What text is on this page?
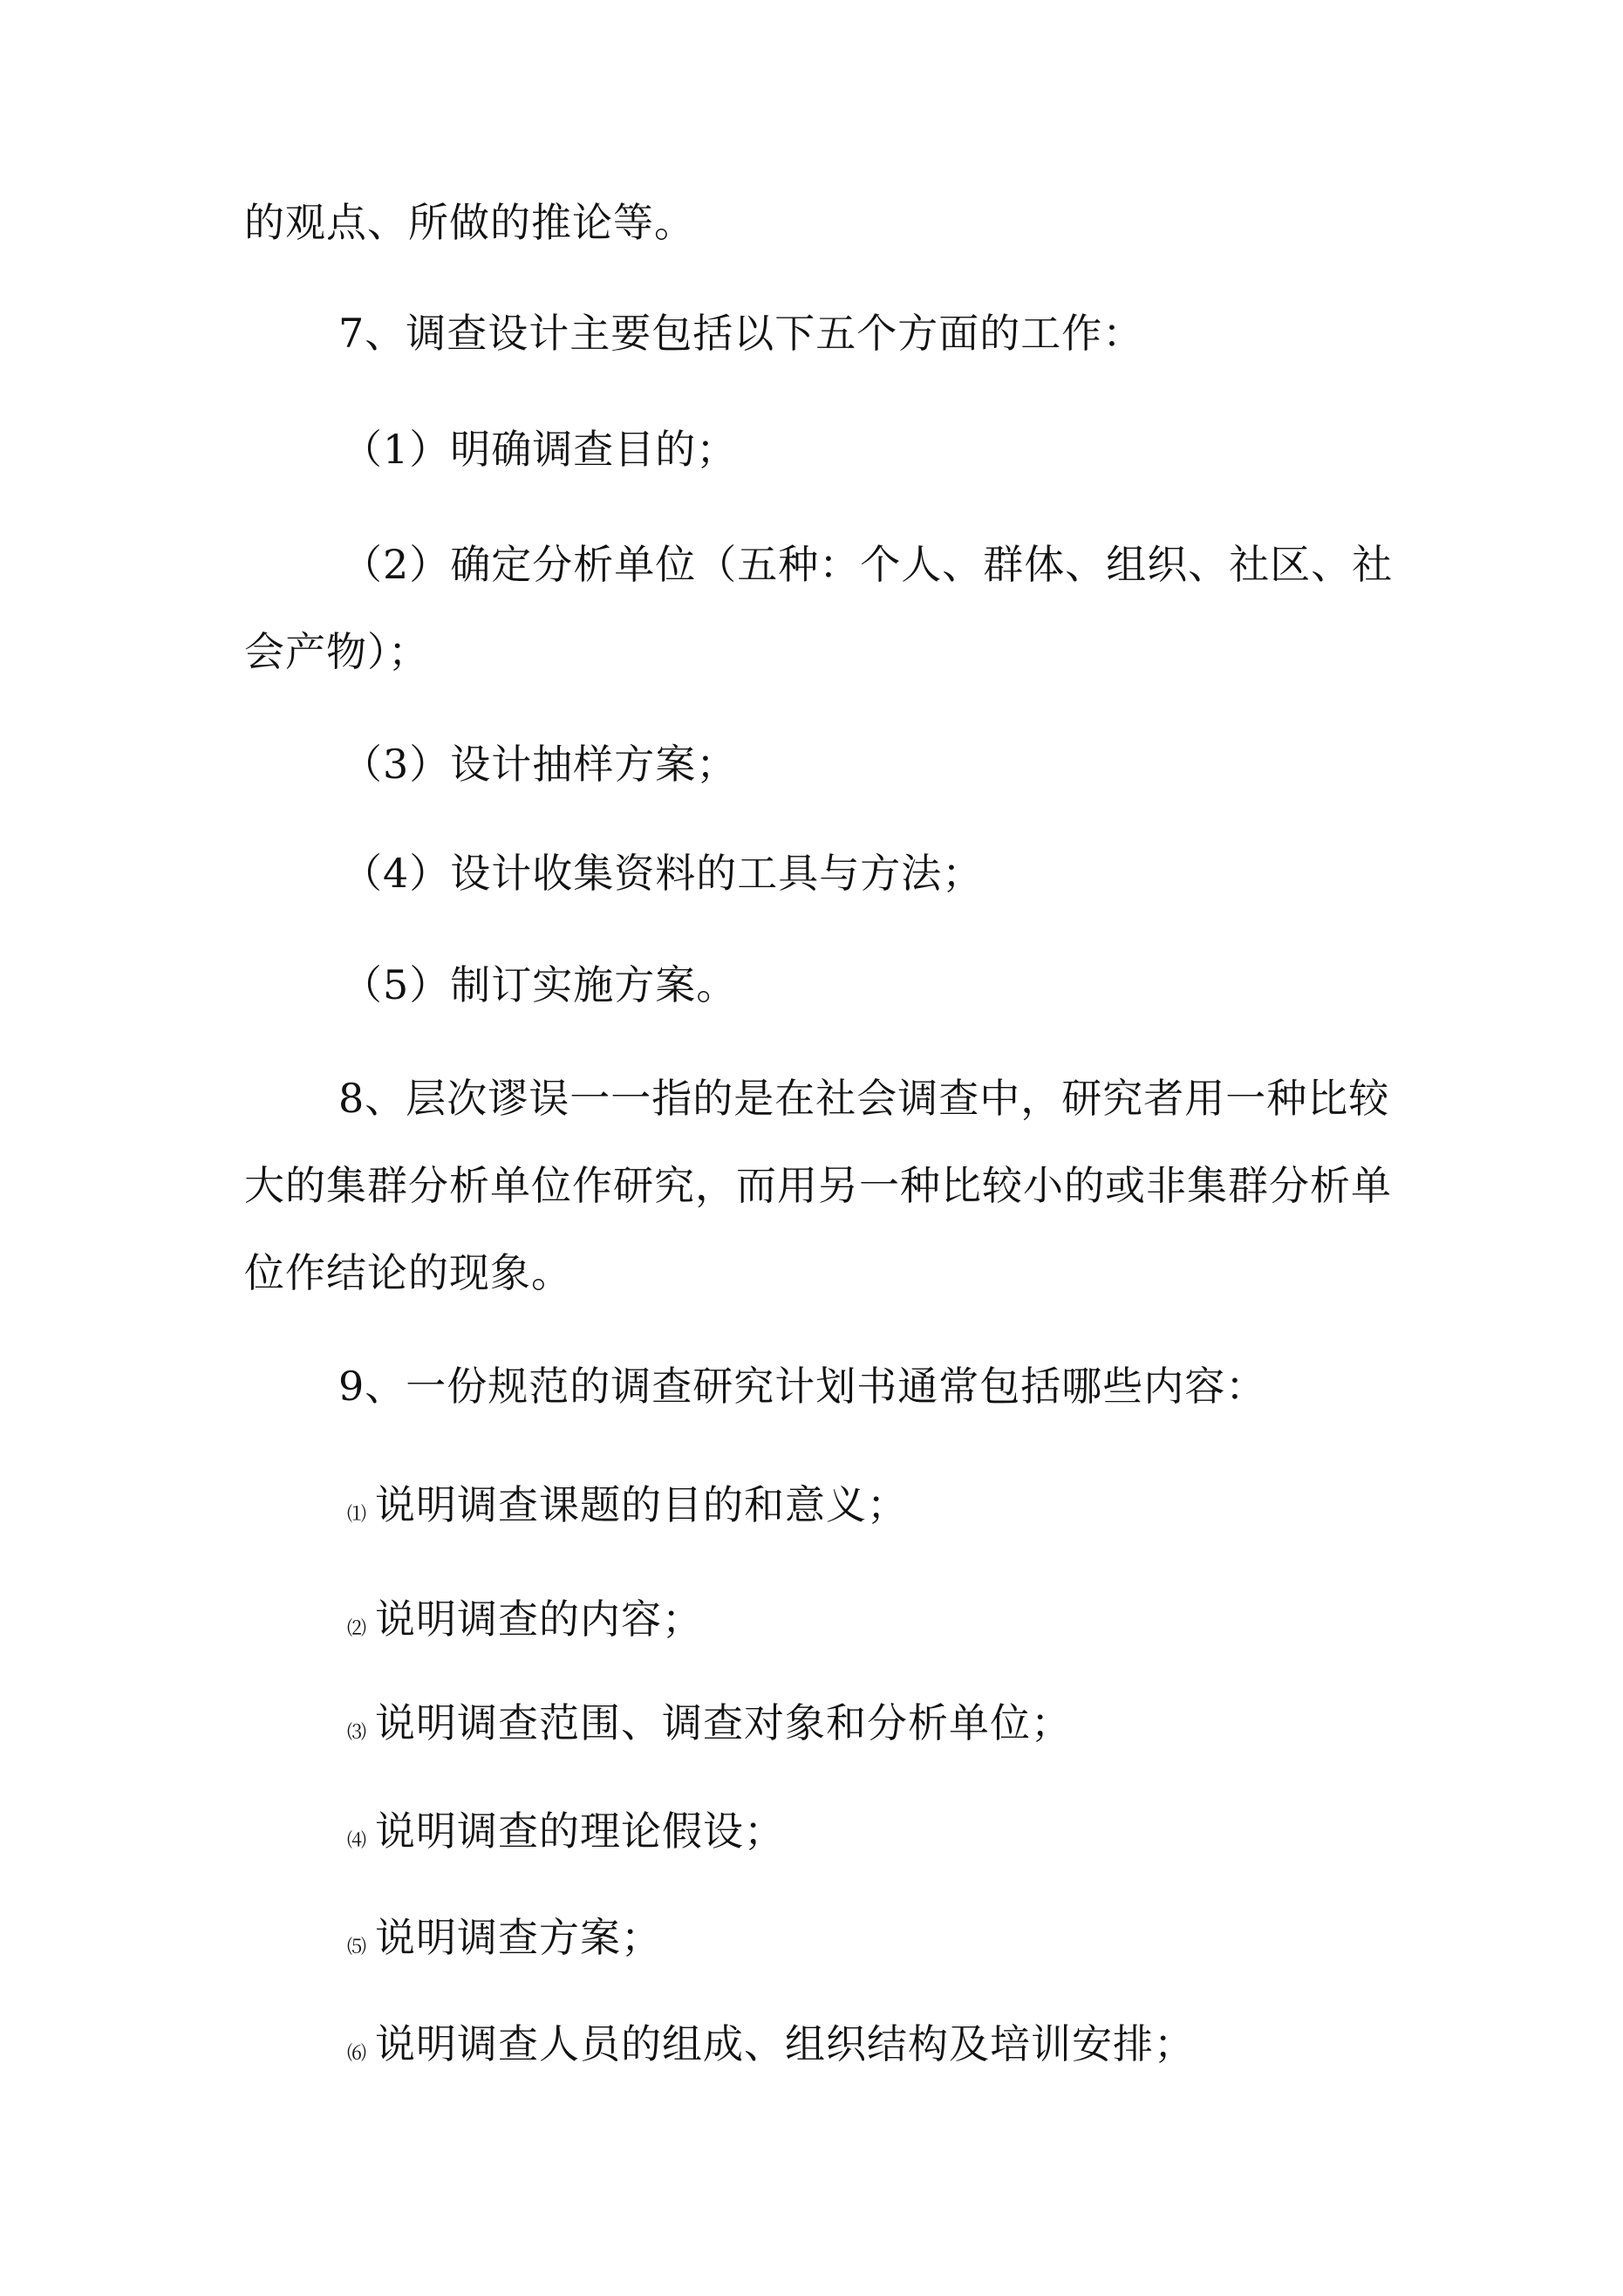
的观点、所做的推论等。
7、调查设计主要包括以下五个方面的工作：
（1）明确调查目的；
（2）确定分析单位（五种：个人、群体、组织、社区、社
会产物）；
（3）设计抽样方案；
（4）设计收集资料的工具与方法；
（5）制订实施方案。
8、层次谬误一一指的是在社会调查中，研究者用一种比较
大的集群分析单位作研究，而用另一种比较小的或非集群分析单
位作结论的现象。
9、一份规范的调查研究计划书通常包括哪些内容：
⑴ 说明调查课题的目的和意义；
⑵ 说明调查的内容；
⑶ 说明调查范围、调查对象和分析单位；
⑷ 说明调查的理论假设；
⑸ 说明调查方案；
⑹ 说明调查人员的组成、组织结构及培训安排；
